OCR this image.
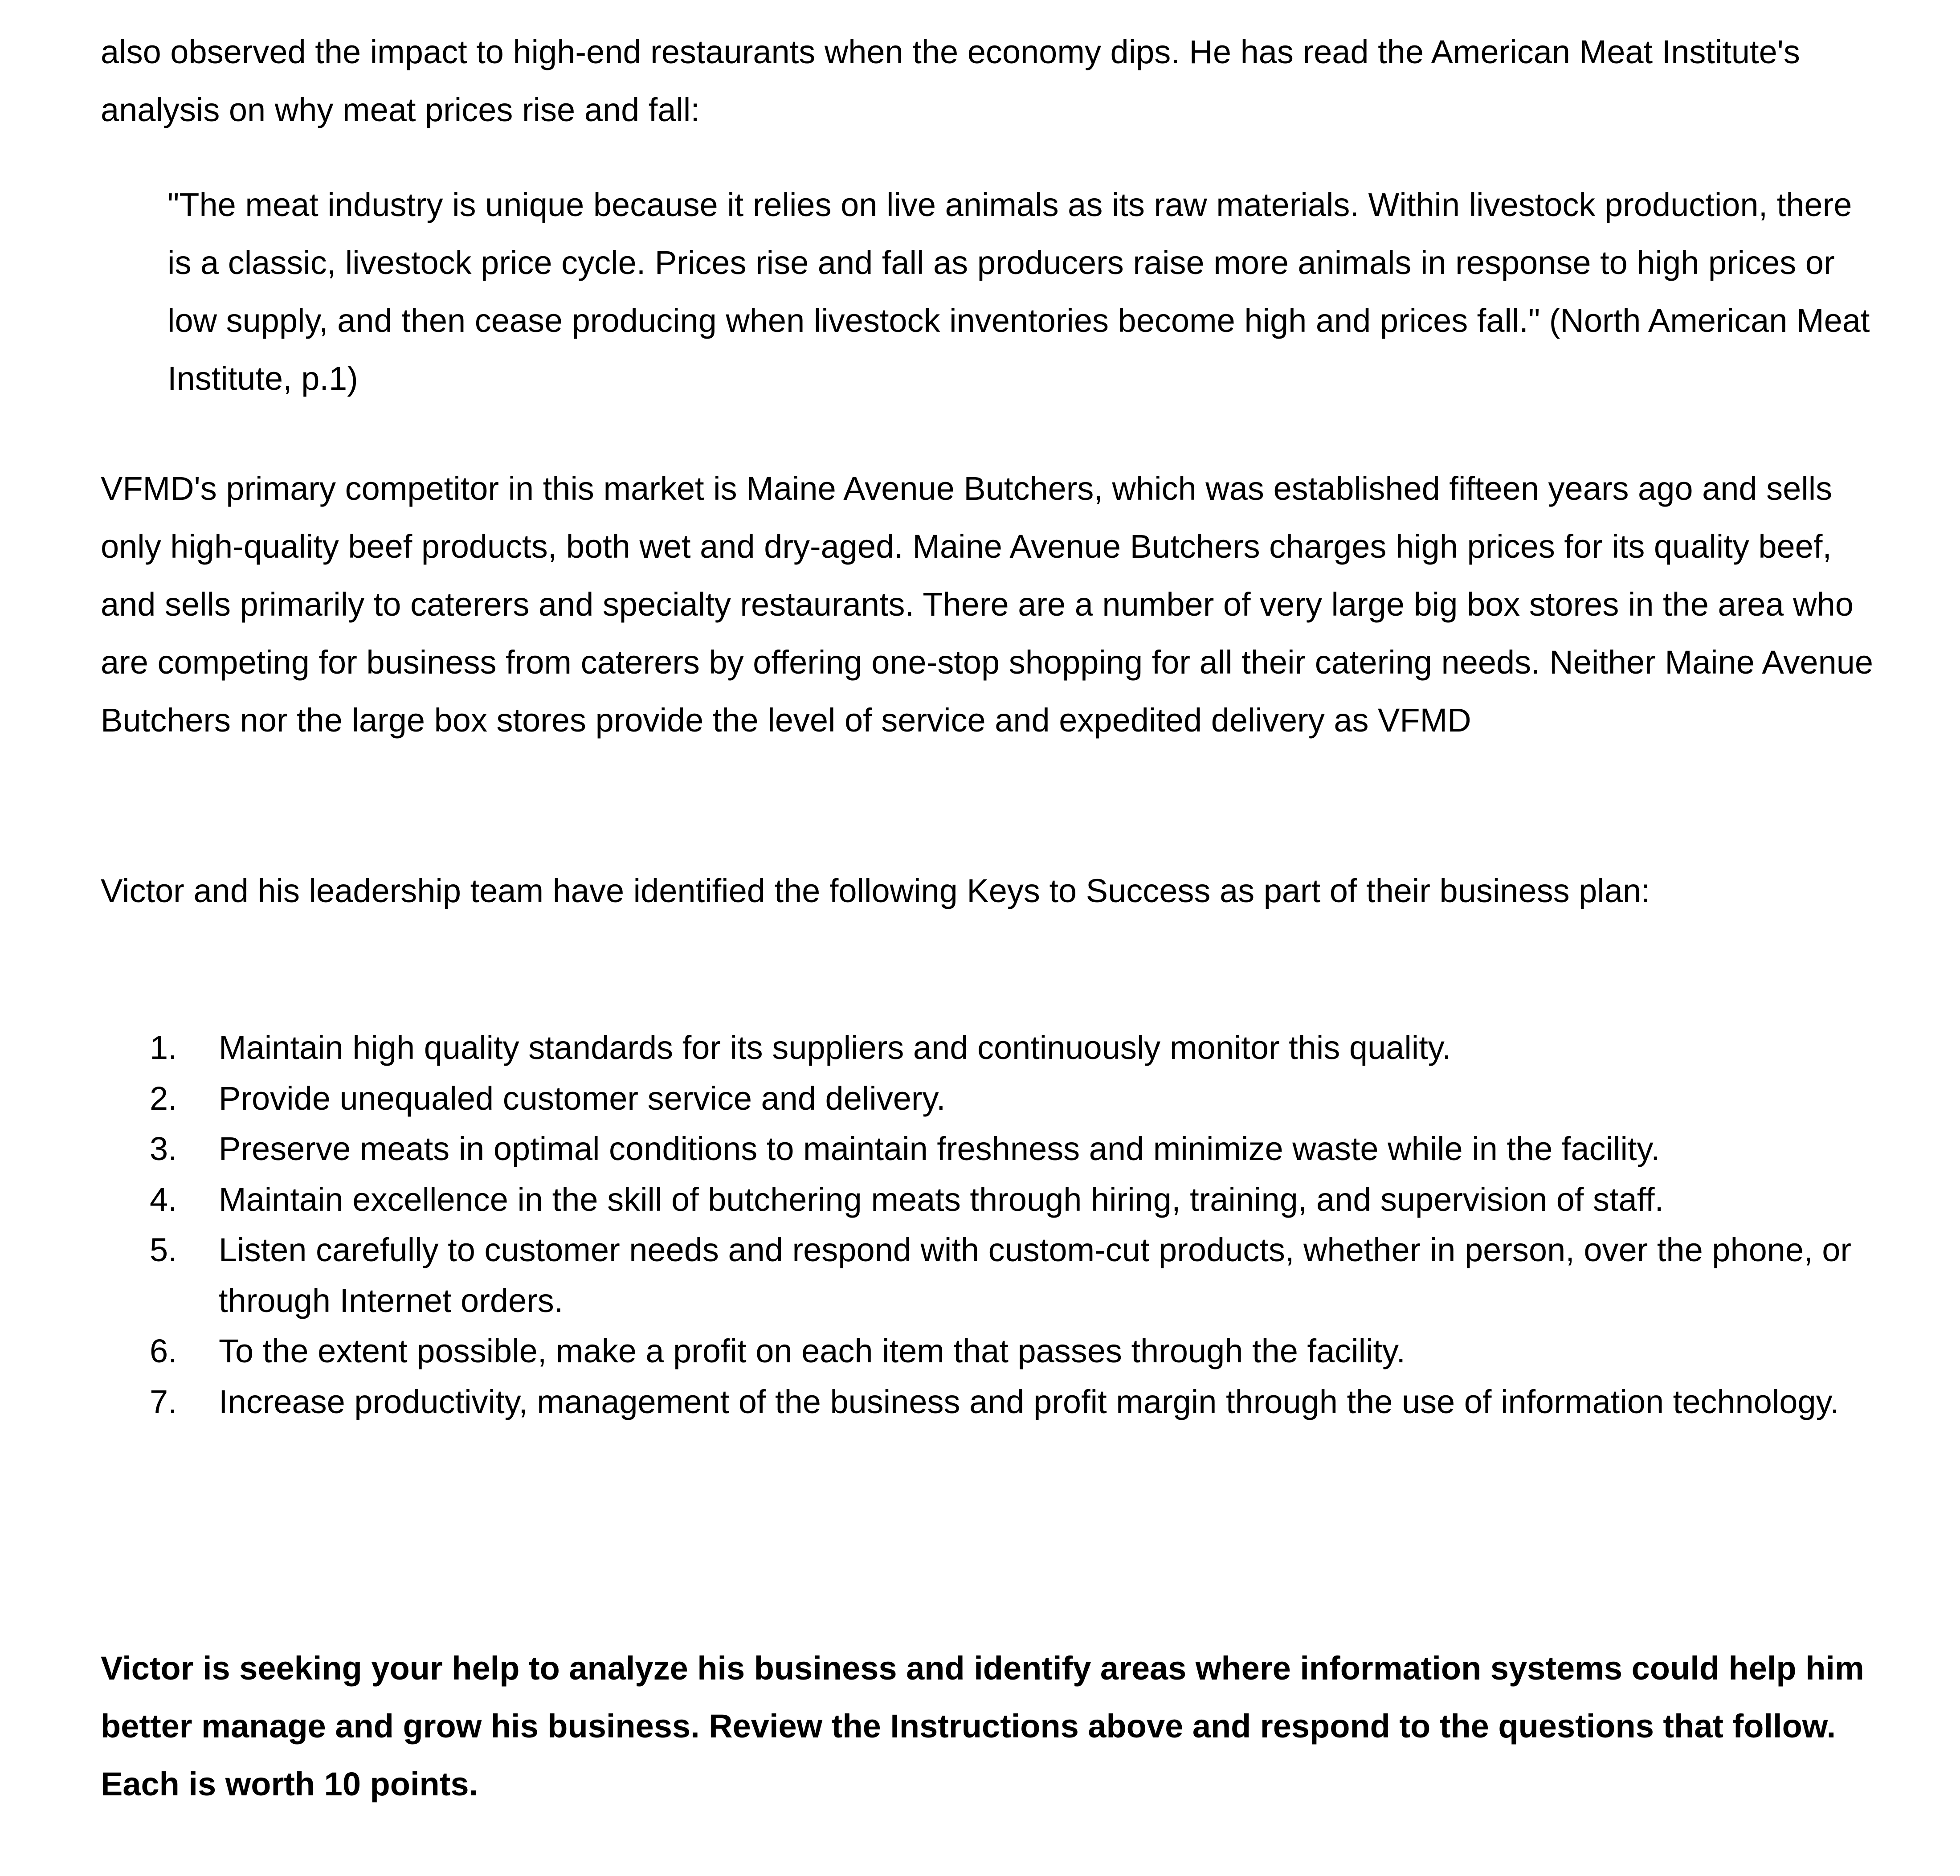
also observed the impact to high-end restaurants when the economy dips. He has read the American Meat Institute's analysis on why meat prices rise and fall:

"The meat industry is unique because it relies on live animals as its raw materials. Within livestock production, there is a classic, livestock price cycle. Prices rise and fall as producers raise more animals in response to high prices or low supply, and then cease producing when livestock inventories become high and prices fall." (North American Meat Institute, p.1)

VFMD's primary competitor in this market is Maine Avenue Butchers, which was established fifteen years ago and sells only high-quality beef products, both wet and dry-aged. Maine Avenue Butchers charges high prices for its quality beef, and sells primarily to caterers and specialty restaurants. There are a number of very large big box stores in the area who are competing for business from caterers by offering one-stop shopping for all their catering needs. Neither Maine Avenue Butchers nor the large box stores provide the level of service and expedited delivery as VFMD

Victor and his leadership team have identified the following Keys to Success as part of their business plan:

1.	Maintain high quality standards for its suppliers and continuously monitor this quality.
2.	Provide unequaled customer service and delivery.
3.	Preserve meats in optimal conditions to maintain freshness and minimize waste while in the facility.
4.	Maintain excellence in the skill of butchering meats through hiring, training, and supervision of staff.
5.	Listen carefully to customer needs and respond with custom-cut products, whether in person, over the phone, or through Internet orders.
6.	To the extent possible, make a profit on each item that passes through the facility.
7.	Increase productivity, management of the business and profit margin through the use of information technology.

Victor is seeking your help to analyze his business and identify areas where information systems could help him better manage and grow his business. Review the Instructions above and respond to the questions that follow. Each is worth 10 points.
